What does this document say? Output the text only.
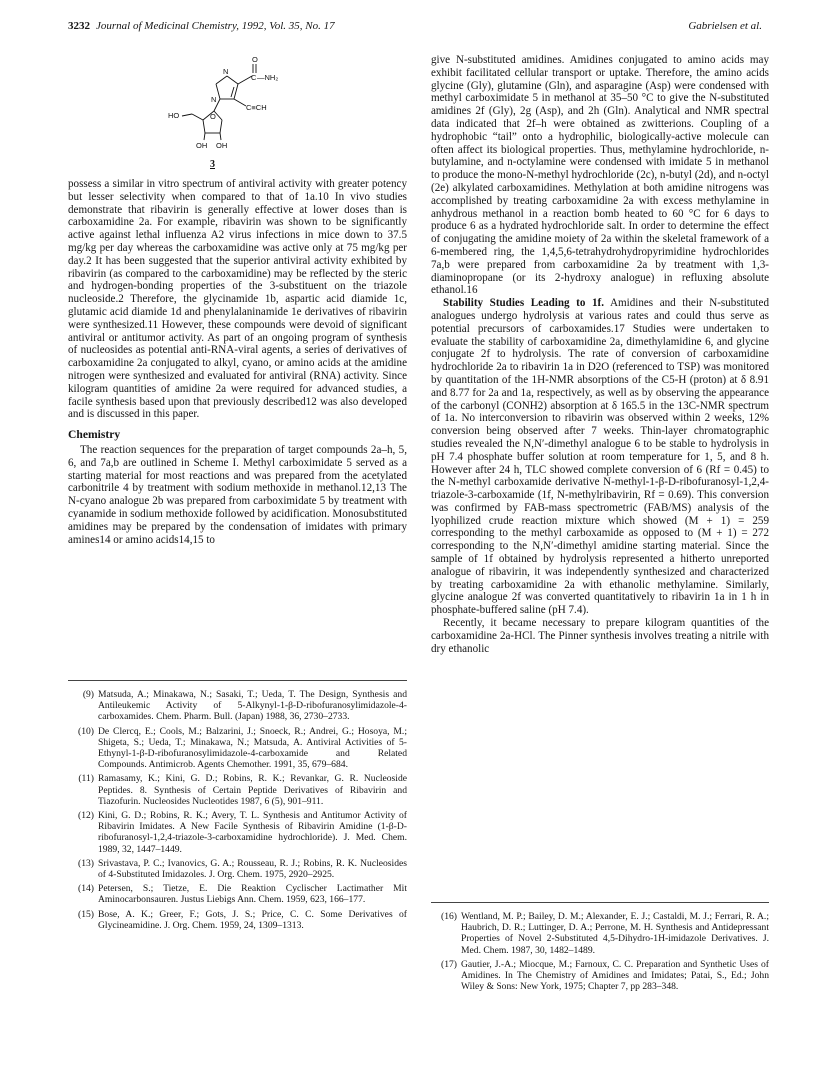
3232 Journal of Medicinal Chemistry, 1992, Vol. 35, No. 17	Gabrielsen et al.
O
C —NH₂
N
N
C≡CH
HO	O
OH OH
3

possess a similar in vitro spectrum of antiviral activity with greater potency but lesser selectivity when compared to that of 1a.10 In vivo studies demonstrate that ribavirin is generally effective at lower doses than is carboxamidine 2a. For example, ribavirin was shown to be significantly active against lethal influenza A2 virus infections in mice down to 37.5 mg/kg per day whereas the carboxamidine was active only at 75 mg/kg per day.2 It has been suggested that the superior antiviral activity exhibited by ribavirin (as compared to the carboxamidine) may be reflected by the steric and hydrogen-bonding properties of the 3-substituent on the triazole nucleoside.2 Therefore, the glycinamide 1b, aspartic acid diamide 1c, glutamic acid diamide 1d and phenylalaninamide 1e derivatives of ribavirin were synthesized.11 However, these compounds were devoid of significant antiviral or antitumor activity. As part of an ongoing program of synthesis of nucleosides as potential anti-RNA-viral agents, a series of derivatives of carboxamidine 2a conjugated to alkyl, cyano, or amino acids at the amidine nitrogen were synthesized and evaluated for antiviral (RNA) activity. Since kilogram quantities of amidine 2a were required for advanced studies, a facile synthesis based upon that previously described12 was also developed and is discussed in this paper.

Chemistry

The reaction sequences for the preparation of target compounds 2a–h, 5, 6, and 7a,b are outlined in Scheme I. Methyl carboximidate 5 served as a starting material for most reactions and was prepared from the acetylated carbonitrile 4 by treatment with sodium methoxide in methanol.12,13 The N-cyano analogue 2b was prepared from carboximidate 5 by treatment with cyanamide in sodium methoxide followed by acidification. Monosubstituted amidines may be prepared by the condensation of imidates with primary amines14 or amino acids14,15 to

(9) Matsuda, A.; Minakawa, N.; Sasaki, T.; Ueda, T. The Design, Synthesis and Antileukemic Activity of 5-Alkynyl-1-β-D-ribofuranosylimidazole-4-carboxamides. Chem. Pharm. Bull. (Japan) 1988, 36, 2730–2733.
(10) De Clercq, E.; Cools, M.; Balzarini, J.; Snoeck, R.; Andrei, G.; Hosoya, M.; Shigeta, S.; Ueda, T.; Minakawa, N.; Matsuda, A. Antiviral Activities of 5-Ethynyl-1-β-D-ribofuranosylimidazole-4-carboxamide and Related Compounds. Antimicrob. Agents Chemother. 1991, 35, 679–684.
(11) Ramasamy, K.; Kini, G. D.; Robins, R. K.; Revankar, G. R. Nucleoside Peptides. 8. Synthesis of Certain Peptide Derivatives of Ribavirin and Tiazofurin. Nucleosides Nucleotides 1987, 6 (5), 901–911.
(12) Kini, G. D.; Robins, R. K.; Avery, T. L. Synthesis and Antitumor Activity of Ribavirin Imidates. A New Facile Synthesis of Ribavirin Amidine (1-β-D-ribofuranosyl-1,2,4-triazole-3-carboxamidine hydrochloride). J. Med. Chem. 1989, 32, 1447–1449.
(13) Srivastava, P. C.; Ivanovics, G. A.; Rousseau, R. J.; Robins, R. K. Nucleosides of 4-Substituted Imidazoles. J. Org. Chem. 1975, 2920–2925.
(14) Petersen, S.; Tietze, E. Die Reaktion Cyclischer Lactimather Mit Aminocarbonsauren. Justus Liebigs Ann. Chem. 1959, 623, 166–177.
(15) Bose, A. K.; Greer, F.; Gots, J. S.; Price, C. C. Some Derivatives of Glycineamidine. J. Org. Chem. 1959, 24, 1309–1313.

give N-substituted amidines. Amidines conjugated to amino acids may exhibit facilitated cellular transport or uptake. Therefore, the amino acids glycine (Gly), glutamine (Gln), and asparagine (Asp) were condensed with methyl carboximidate 5 in methanol at 35–50 °C to give the N-substituted amidines 2f (Gly), 2g (Asp), and 2h (Gln). Analytical and NMR spectral data indicated that 2f–h were obtained as zwitterions. Coupling of a hydrophobic “tail” onto a hydrophilic, biologically-active molecule can often affect its biological properties. Thus, methylamine hydrochloride, n-butylamine, and n-octylamine were condensed with imidate 5 in methanol to produce the mono-N-methyl hydrochloride (2c), n-butyl (2d), and n-octyl (2e) alkylated carboxamidines. Methylation at both amidine nitrogens was accomplished by treating carboxamidine 2a with excess methylamine in anhydrous methanol in a reaction bomb heated to 60 °C for 6 days to produce 6 as a hydrated hydrochloride salt. In order to determine the effect of conjugating the amidine moiety of 2a within the skeletal framework of a 6-membered ring, the 1,4,5,6-tetrahydrohydropyrimidine hydrochlorides 7a,b were prepared from carboxamidine 2a by treatment with 1,3-diaminopropane (or its 2-hydroxy analogue) in refluxing absolute ethanol.16

Stability Studies Leading to 1f. Amidines and their N-substituted analogues undergo hydrolysis at various rates and could thus serve as potential precursors of carboxamides.17 Studies were undertaken to evaluate the stability of carboxamidine 2a, dimethylamidine 6, and glycine conjugate 2f to hydrolysis. The rate of conversion of carboxamidine hydrochloride 2a to ribavirin 1a in D2O (referenced to TSP) was monitored by quantitation of the 1H-NMR absorptions of the C5-H (proton) at δ 8.91 and 8.77 for 2a and 1a, respectively, as well as by observing the appearance of the carbonyl (CONH2) absorption at δ 165.5 in the 13C-NMR spectrum of 1a. No interconversion to ribavirin was observed within 2 weeks, 12% conversion being observed after 7 weeks. Thin-layer chromatographic studies revealed the N,N′-dimethyl analogue 6 to be stable to hydrolysis in pH 7.4 phosphate buffer solution at room temperature for 1, 5, and 8 h. However after 24 h, TLC showed complete conversion of 6 (Rf = 0.45) to the N-methyl carboxamide derivative N-methyl-1-β-D-ribofuranosyl-1,2,4-triazole-3-carboxamide (1f, N-methylribavirin, Rf = 0.69). This conversion was confirmed by FAB-mass spectrometric (FAB/MS) analysis of the lyophilized crude reaction mixture which showed (M + 1) = 259 corresponding to the methyl carboxamide as opposed to (M + 1) = 272 corresponding to the N,N′-dimethyl amidine starting material. Since the sample of 1f obtained by hydrolysis represented a hitherto unreported analogue of ribavirin, it was independently synthesized and characterized by treating carboxamidine 2a with ethanolic methylamine. Similarly, glycine analogue 2f was converted quantitatively to ribavirin 1a in 1 h in phosphate-buffered saline (pH 7.4).

Recently, it became necessary to prepare kilogram quantities of the carboxamidine 2a-HCl. The Pinner synthesis involves treating a nitrile with dry ethanolic

(16) Wentland, M. P.; Bailey, D. M.; Alexander, E. J.; Castaldi, M. J.; Ferrari, R. A.; Haubrich, D. R.; Luttinger, D. A.; Perrone, M. H. Synthesis and Antidepressant Properties of Novel 2-Substituted 4,5-Dihydro-1H-imidazole Derivatives. J. Med. Chem. 1987, 30, 1482–1489.
(17) Gautier, J.-A.; Miocque, M.; Farnoux, C. C. Preparation and Synthetic Uses of Amidines. In The Chemistry of Amidines and Imidates; Patai, S., Ed.; John Wiley & Sons: New York, 1975; Chapter 7, pp 283–348.
